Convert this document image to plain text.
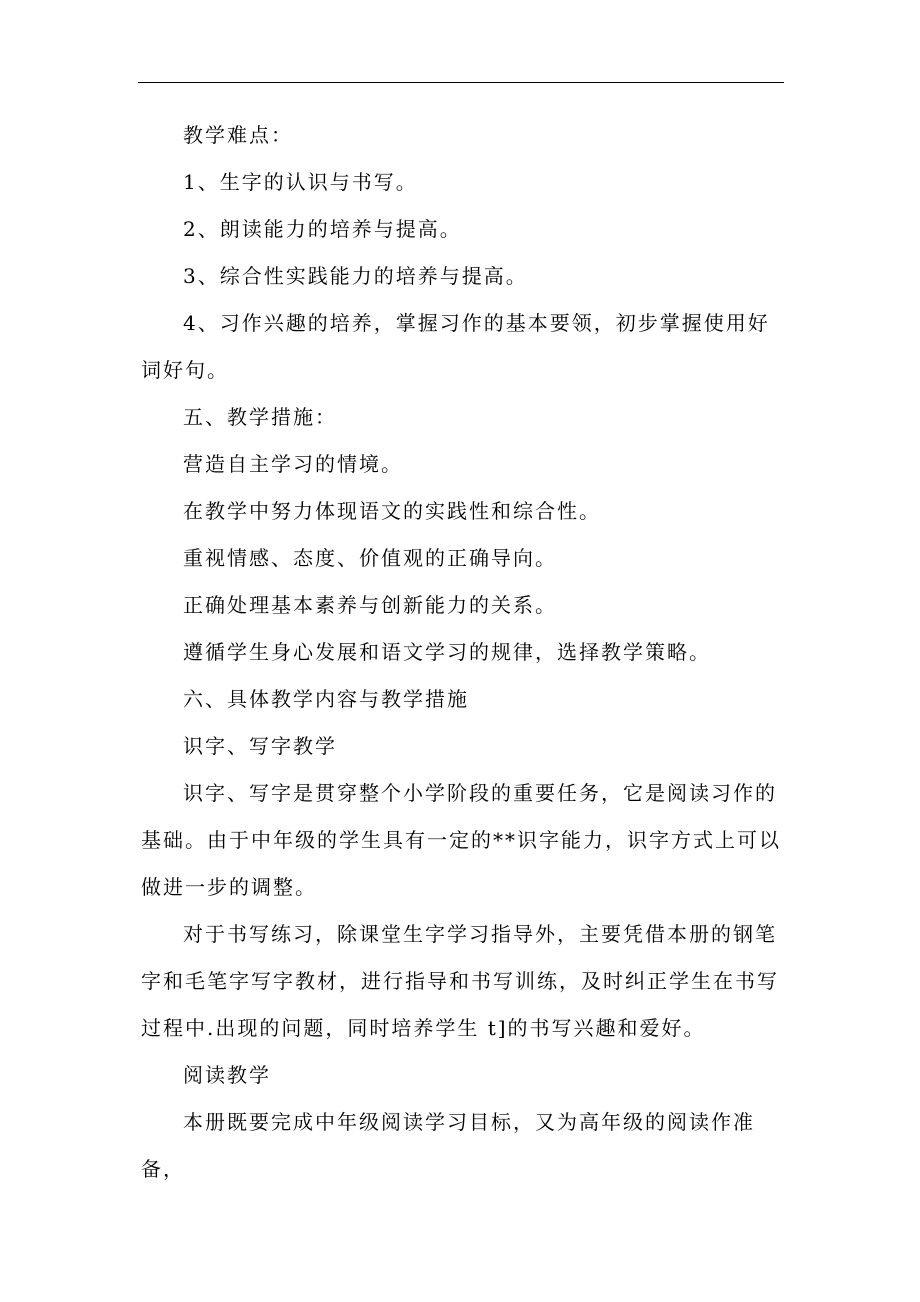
教学难点：

1、生字的认识与书写。

2、朗读能力的培养与提高。

3、综合性实践能力的培养与提高。

4、习作兴趣的培养，掌握习作的基本要领，初步掌握使用好词好句。

五、教学措施：

营造自主学习的情境。

在教学中努力体现语文的实践性和综合性。

重视情感、态度、价值观的正确导向。

正确处理基本素养与创新能力的关系。

遵循学生身心发展和语文学习的规律，选择教学策略。

六、具体教学内容与教学措施

识字、写字教学

识字、写字是贯穿整个小学阶段的重要任务，它是阅读习作的基础。由于中年级的学生具有一定的**识字能力，识字方式上可以做进一步的调整。

对于书写练习，除课堂生字学习指导外，主要凭借本册的钢笔字和毛笔字写字教材，进行指导和书写训练，及时纠正学生在书写过程中.出现的问题，同时培养学生 t]的书写兴趣和爱好。

阅读教学

本册既要完成中年级阅读学习目标，又为高年级的阅读作准备，
